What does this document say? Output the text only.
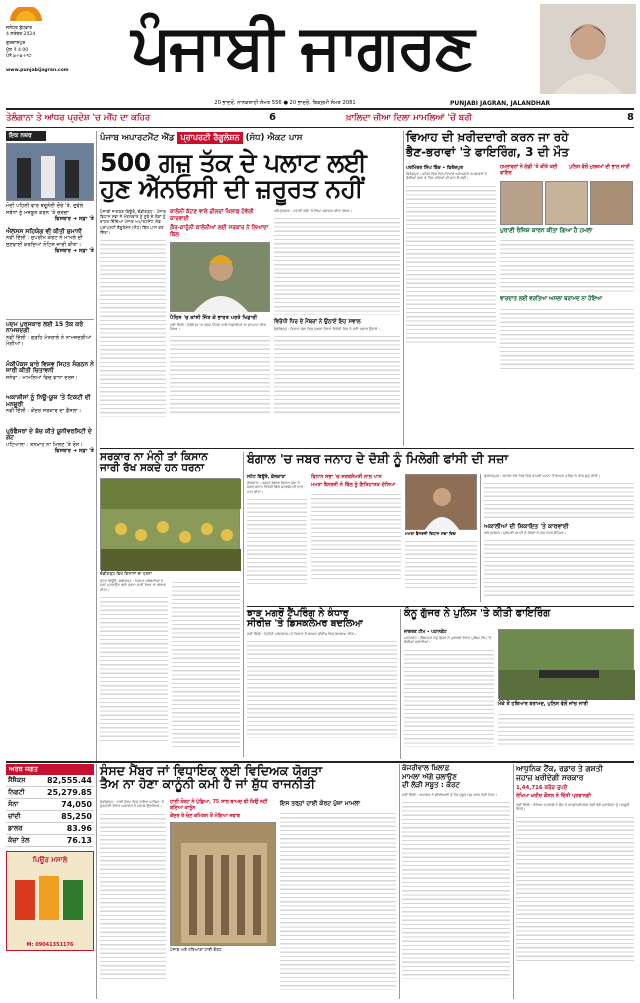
ਜਲੰਧਰ ਬੁੱਧਵਾਰ
4 ਸਤੰਬਰ 2024
ਗੁਰਦਾਸਪੁਰ
ਮੁੱਲ ₹ 4.00
ਪੰਨੇ ੪+੪+੧੨
www.punjabijagran.com	ਪੰਜਾਬੀ ਜਾਗਰਣ
20 ਭਾਦਰੋਂ, ਨਾਨਕਸ਼ਾਹੀ ਸੰਮਤ 556 ● 20 ਭਾਦਰੋਂ, ਬਿਕ੍ਰਮੀ ਸੰਮਤ 2081	PUNJABI JAGRAN, JALANDHAR
ਤੇਲੰਗਾਨਾ ਤੇ ਆਂਧਰ ਪ੍ਰਦੇਸ਼ 'ਚ ਮੀਂਹ ਦਾ ਕਹਿਰ	6	ਖ਼ਾਲਿਦਾ ਜ਼ੀਆ ਦਿਲਾ ਮਾਮਲਿਆਂ 'ਚੋਂ ਬਰੀ	8
ਇਕ ਨਜ਼ਰ
ਮੋਦੀ ਪਹਿਲੀ ਵਾਰ ਬਰੂਨੇਈ ਦੌਰੇ 'ਤੇ, ਦੁਵੱਲੇ ਸਬੰਧਾਂ ਨੂੰ ਮਜ਼ਬੂਤ ਕਰਨ 'ਤੇ ਚਰਚਾ
ਵਿਸਥਾਰ ➜ ਸਫ਼ਾ 'ਤੇ
ਐਲਸਸ ਸਹਿਯੋਗ ਵੀ ਕੀਤੀ ਜ਼ੁਮਾਨੀ
ਨਵੀਂ ਦਿੱਲੀ : ਸੁਪਰੀਮ ਕੋਰਟ ਨੇ ਮਾਮਲੇ ਦੀ ਸੁਣਵਾਈ ਕਰਦਿਆਂ ਨੋਟਿਸ ਜਾਰੀ ਕੀਤਾ।
ਵਿਸਥਾਰ ➜ ਸਫ਼ਾ 'ਤੇ
ਪਦਮ ਪੁਰਸਕਾਰ ਲਈ 15 ਤੱਕ ਕਰੋ ਨਾਮਜ਼ਦਗੀ
ਨਵੀਂ ਦਿੱਲੀ : ਗ੍ਰਹਿ ਮੰਤਰਾਲੇ ਨੇ ਨਾਮਜ਼ਦਗੀਆਂ ਮੰਗੀਆਂ।
ਮੰਕੀਪੌਕਸ ਬਾਰੇ ਵਿਸ਼ਵ ਸਿਹਤ ਸੰਗਠਨ ਨੇ ਜਾਰੀ ਕੀਤੀ ਚਿਤਾਵਨੀ
ਜਨੇਵਾ : ਮਾਮਲਿਆਂ ਵਿਚ ਵਾਧਾ ਦਰਜ।
ਅਕਾਸ਼ੀਸਾਂ ਨੂੰ ਨਿਊ-ਯੂਜ਼ 'ਤੇ ਟਿਕਟੀ ਦੀ ਮਨਜ਼ੂਰੀ
ਨਵੀਂ ਦਿੱਲੀ : ਕੇਂਦਰ ਸਰਕਾਰ ਦਾ ਫ਼ੈਸਲਾ।
ਪ੍ਰੋਫੈਸਰਾਂ ਦੇ ਬੱਚ ਕੀਤੇ ਯੂਨੀਵਰਸਿਟੀ ਦੇ ਗੇਟ
ਪਟਿਆਲਾ : ਤਨਖ਼ਾਹ ਨਾ ਮਿਲਣ 'ਤੇ ਰੋਸ।
ਵਿਸਥਾਰ ➜ ਸਫ਼ਾ 'ਤੇ
ਪੰਜਾਬ ਅਪਾਰਟਮੈਂਟ ਐਂਡ ਪ੍ਰਾਪਰਟੀ ਰੈਗੂਲੇਸ਼ਨ (ਸੋਧ) ਐਕਟ ਪਾਸ
500 ਗਜ਼ ਤੱਕ ਦੇ ਪਲਾਟ ਲਈ
ਹੁਣ ਐੱਨਓਸੀ ਦੀ ਜ਼ਰੂਰਤ ਨਹੀਂ
ਪੰਜਾਬੀ ਜਾਗਰਣ ਬਿਊਰੋ, ਚੰਡੀਗੜ੍ਹ : ਪੰਜਾਬ ਵਿਧਾਨ ਸਭਾ ਨੇ ਮੰਗਲਵਾਰ ਨੂੰ ਸੂਬੇ ਦੇ ਲੋਕਾਂ ਨੂੰ ਰਾਹਤ ਦਿੰਦਿਆਂ ਪੰਜਾਬ ਅਪਾਰਟਮੈਂਟ ਐਂਡ ਪ੍ਰਾਪਰਟੀ ਰੈਗੂਲੇਸ਼ਨ (ਸੋਧ) ਬਿੱਲ ਪਾਸ ਕਰ ਦਿੱਤਾ।
ਕਾਲੋਨੀ ਕੱਟਣ ਵਾਲੇ ਡੀਲਰਾਂ ਖ਼ਿਲਾਫ਼ ਹੋਵੇਗੀ ਕਾਰਵਾਈ
ਗ਼ੈਰ-ਕਾਨੂੰਨੀ ਕਾਲੋਨੀਆਂ ਲਈ ਸਰਕਾਰ ਨੇ ਲਿਆਂਦਾ ਬਿੱਲ
ਪੈਰਿਸ 'ਚ ਕਾਂਸੀ ਜਿੱਤ ਕੇ ਭਾਰਤ ਪਰਤੇ ਖਿਡਾਰੀ
ਨਵੀਂ ਦਿੱਲੀ : ਓਲੰਪਿਕ 'ਚ ਤਗਮੇ ਜਿੱਤਣ ਵਾਲੇ ਖਿਡਾਰੀਆਂ ਦਾ ਸਨਮਾਨ ਕੀਤਾ ਗਿਆ।
ਅੰਮ੍ਰਿਤਸਰ : ਹਵਾਈ ਅੱਡੇ 'ਤੇ ਨਿੱਘਾ ਸਵਾਗਤ ਕੀਤਾ ਗਿਆ।
ਵਿਰੋਧੀ ਧਿਰ ਦੇ ਮੈਂਬਰਾਂ ਨੇ ਉਠਾਏ ਇਹ ਸਵਾਲ
ਚੰਡੀਗੜ੍ਹ : ਵਿਧਾਨ ਸਭਾ ਵਿਚ ਚਰਚਾ ਦੌਰਾਨ ਵਿਰੋਧੀ ਧਿਰ ਨੇ ਕਈ ਸਵਾਲ ਉਠਾਏ।
ਵਿਆਹ ਦੀ ਖ਼ਰੀਦਦਾਰੀ ਕਰਨ ਜਾ ਰਹੇ
ਭੈਣ-ਭਰਾਵਾਂ 'ਤੇ ਫਾਇਰਿੰਗ, 3 ਦੀ ਮੌਤ
ਪਰਮਿੰਦਰ ਸਿੰਘ ਥਿੰਦ • ਫਿਰੋਜ਼ਪੁਰ
ਫਿਰੋਜ਼ਪੁਰ : ਸ਼ਹਿਰ ਵਿਚ ਦਿਨ-ਦਿਹਾੜੇ ਅਣਪਛਾਤੇ ਹਮਲਾਵਰਾਂ ਨੇ ਗੋਲੀਆਂ ਚਲਾ ਕੇ ਤਿੰਨ ਜਣਿਆਂ ਦੀ ਜਾਨ ਲੈ ਲਈ।
ਹਮਲਾਵਰਾਂ ਨੇ ਗੱਡੀ 'ਤੇ ਕੀਤੇ ਕਈ ਫਾਇਰ
ਪੁਲਿਸ ਵੱਲੋਂ ਮੁਲਜ਼ਮਾਂ ਦੀ ਭਾਲ ਜਾਰੀ
ਪੁਰਾਣੀ ਰੰਜਿਸ਼ ਕਾਰਨ ਕੀਤਾ ਗਿਆ ਹੈ ਹਮਲਾ
ਵਾਰਦਾਤ ਲਈ ਵਰਤਿਆ ਅਸਲਾ ਬਰਾਮਦ ਨਾ ਹੋਇਆ
ਸਰਕਾਰ ਨਾ ਮੰਨੀ ਤਾਂ ਕਿਸਾਨ
ਜਾਰੀ ਰੱਖ ਸਕਦੇ ਹਨ ਧਰਨਾ
ਚੰਡੀਗੜ੍ਹ ਵਿਖੇ ਕਿਸਾਨਾਂ ਦਾ ਧਰਨਾ
ਸਟੇਟ ਬਿਊਰੋ, ਚੰਡੀਗੜ੍ਹ : ਕਿਸਾਨ ਜਥੇਬੰਦੀਆਂ ਨੇ ਮੰਗਾਂ ਮਨਵਾਉਣ ਲਈ ਧਰਨਾ ਜਾਰੀ ਰੱਖਣ ਦਾ ਐਲਾਨ ਕੀਤਾ।
ਬੰਗਾਲ 'ਚ ਜਬਰ ਜਨਾਹ ਦੇ ਦੋਸ਼ੀ ਨੂੰ ਮਿਲੇਗੀ ਫਾਂਸੀ ਦੀ ਸਜ਼ਾ
ਸਟੇਟ ਬਿਊਰੋ, ਕੋਲਕਾਤਾ
ਕੋਲਕਾਤਾ : ਪੱਛਮੀ ਬੰਗਾਲ ਵਿਧਾਨ ਸਭਾ ਨੇ ਜਬਰ ਜਨਾਹ ਵਿਰੋਧੀ ਬਿੱਲ ਸਰਬਸੰਮਤੀ ਨਾਲ ਪਾਸ ਕੀਤਾ।
ਵਿਧਾਨ ਸਭਾ 'ਚ ਸਰਬਸੰਮਤੀ ਨਾਲ ਪਾਸ
ਮਮਤਾ ਬੈਨਰਜੀ ਨੇ ਬਿੱਲ ਨੂੰ ਇਤਿਹਾਸਕ ਦੱਸਿਆ
ਮਮਤਾ ਬੈਨਰਜੀ ਵਿਧਾਨ ਸਭਾ ਵਿਚ
ਗੁਰਦਾਸਪੁਰ : ਬਟਾਲਾ ਨੇੜੇ ਪਿੰਡ ਵਿਚ ਵਾਪਰੀ ਘਟਨਾ ਤੋਂ ਬਾਅਦ ਪੁਲਿਸ ਨੇ ਜਾਂਚ ਸ਼ੁਰੂ ਕੀਤੀ।
ਅਕਾਲੀਆਂ ਦੀ ਸ਼ਿਕਾਇਤ 'ਤੇ ਕਾਰਵਾਈ
ਅੰਮ੍ਰਿਤਸਰ : ਸ਼੍ਰੋਮਣੀ ਕਮੇਟੀ ਦੇ ਮੈਂਬਰਾਂ ਨੇ ਮੰਗ ਪੱਤਰ ਸੌਂਪਿਆ।
ਝਾੜ ਮਗਰੋਂ ਟੈਂਪਰਿੰਗ ਨੇ ਕੰਧਾਰ
ਸੀਰੀਜ਼ 'ਤੇ ਡਿਸਕਲੇਮਰ ਬਦਲਿਆ
ਨਵੀਂ ਦਿੱਲੀ : ਓਟੀਟੀ ਪਲੇਟਫਾਰਮ ਨੇ ਵਿਵਾਦ ਤੋਂ ਬਾਅਦ ਸੀਰੀਜ਼ ਵਿਚ ਬਦਲਾਅ ਕੀਤਾ।
ਕੰਨੂ ਗੁੱਜਰ ਨੇ ਪੁਲਿਸ 'ਤੇ ਕੀਤੀ ਫਾਇਰਿੰਗ
ਜਾਗਰਣ ਟੀਮ • ਪਠਾਨਕੋਟ
ਪਠਾਨਕੋਟ : ਗੈਂਗਸਟਰ ਕੰਨੂ ਗੁੱਜਰ ਨੇ ਮੁਕਾਬਲੇ ਦੌਰਾਨ ਪੁਲਿਸ ਟੀਮ 'ਤੇ ਗੋਲੀਆਂ ਚਲਾਈਆਂ।
ਮੌਕੇ ਤੋਂ ਹਥਿਆਰ ਬਰਾਮਦ, ਪੁਲਿਸ ਵੱਲੋਂ ਜਾਂਚ ਜਾਰੀ
ਅਰਥ ਜਗਤ
ਸੈਂਸੈਕਸ	82,555.44
ਨਿਫਟੀ	25,279.85
ਸੋਨਾ	74,050
ਚਾਂਦੀ	85,250
ਡਾਲਰ	83.96
ਕੱਚਾ ਤੇਲ	76.13
ਪਿਊਰ ਮਸਾਲੇ
M: 09041351176
ਸੰਸਦ ਮੈਂਬਰ ਜਾਂ ਵਿਧਾਇਕ ਲਈ ਵਿਦਿਅਕ ਯੋਗਤਾ
ਤੈਅ ਨਾ ਹੋਣਾ ਕਾਨੂੰਨੀ ਕਮੀ ਹੈ ਜਾਂ ਸ਼ੁੱਧ ਰਾਜਨੀਤੀ
ਚੰਡੀਗੜ੍ਹ : ਹਾਈ ਕੋਰਟ ਵਿਚ ਦਾਇਰ ਪਟੀਸ਼ਨ 'ਤੇ ਸੁਣਵਾਈ ਦੌਰਾਨ ਅਦਾਲਤ ਨੇ ਸਵਾਲ ਉਠਾਇਆ।
ਹਾਈ ਕੋਰਟ ਨੇ ਪੁੱਛਿਆ, 75 ਸਾਲ ਬਾਅਦ ਵੀ ਕਿਉਂ ਨਹੀਂ ਬਣਿਆ ਕਾਨੂੰਨ
ਕੇਂਦਰ ਤੇ ਚੋਣ ਕਮਿਸ਼ਨ ਤੋਂ ਮੰਗਿਆ ਜਵਾਬ
ਪੰਜਾਬ ਅਤੇ ਹਰਿਆਣਾ ਹਾਈ ਕੋਰਟ
ਇਸ ਤਰ੍ਹਾਂ ਹਾਈ ਕੋਰਟ ਪੁੱਜਾ ਮਾਮਲਾ
ਕੇਜਰੀਵਾਲ ਖ਼ਿਲਾਫ਼
ਮਾਮਲਾ ਅੱਗੇ ਚਲਾਉਣ
ਦੀ ਲੋੜੀ ਸਬੂਤ : ਕੋਰਟ
ਨਵੀਂ ਦਿੱਲੀ : ਅਦਾਲਤ ਨੇ ਸੀਬੀਆਈ ਨੂੰ ਹੋਰ ਸਬੂਤ ਪੇਸ਼ ਕਰਨ ਲਈ ਕਿਹਾ।
ਆਧੁਨਿਕ ਟੈਂਕ, ਰਡਾਰ ਤੇ ਗਸ਼ਤੀ
ਜਹਾਜ਼ ਖ਼ਰੀਦੇਗੀ ਸਰਕਾਰ
1,44,716 ਕਰੋੜ ਰੁਪਏ
ਰੱਖਿਆ ਖ਼ਰੀਦ ਕੌਂਸਲ ਨੇ ਦਿੱਤੀ ਪ੍ਰਵਾਨਗੀ
ਨਵੀਂ ਦਿੱਲੀ : ਰੱਖਿਆ ਮੰਤਰਾਲੇ ਨੇ ਫ਼ੌਜ ਦੇ ਆਧੁਨਿਕੀਕਰਨ ਲਈ ਵੱਡੇ ਪ੍ਰਾਜੈਕਟ ਨੂੰ ਮਨਜ਼ੂਰੀ ਦਿੱਤੀ।
